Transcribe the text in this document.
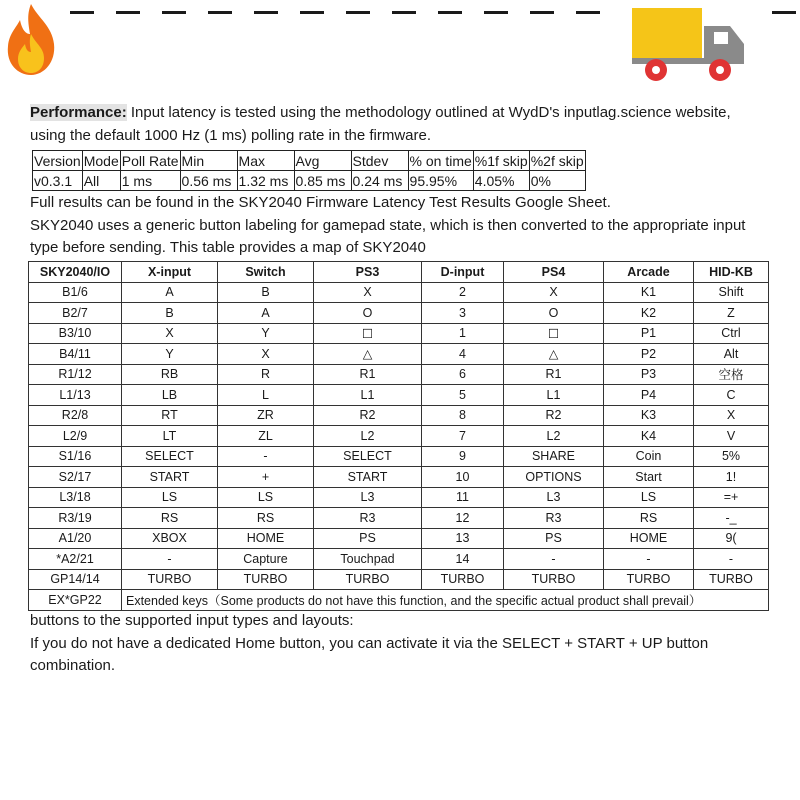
Performance: Input latency is tested using the methodology outlined at WydD's inputlag.science website,
using the default 1000 Hz (1 ms) polling rate in the firmware.
Version	Mode	Poll Rate	Min	Max	Avg	Stdev	% on time	%1f skip	%2f skip
v0.3.1	All	1 ms	0.56 ms	1.32 ms	0.85 ms	0.24 ms	95.95%	4.05%	0%
Full results can be found in the SKY2040 Firmware Latency Test Results Google Sheet.
SKY2040 uses a generic button labeling for gamepad state, which is then converted to the appropriate input
type before sending. This table provides a map of SKY2040
SKY2040/IO	X-input	Switch	PS3	D-input	PS4	Arcade	HID-KB
B1/6	A	B	X	2	X	K1	Shift
B2/7	B	A	O	3	O	K2	Z
B3/10	X	Y	☐	1	☐	P1	Ctrl
B4/11	Y	X	△	4	△	P2	Alt
R1/12	RB	R	R1	6	R1	P3	空格
L1/13	LB	L	L1	5	L1	P4	C
R2/8	RT	ZR	R2	8	R2	K3	X
L2/9	LT	ZL	L2	7	L2	K4	V
S1/16	SELECT	-	SELECT	9	SHARE	Coin	5%
S2/17	START	+	START	10	OPTIONS	Start	1!
L3/18	LS	LS	L3	11	L3	LS	=+
R3/19	RS	RS	R3	12	R3	RS	-_
A1/20	XBOX	HOME	PS	13	PS	HOME	9(
*A2/21	-	Capture	Touchpad	14	-	-	-
GP14/14	TURBO	TURBO	TURBO	TURBO	TURBO	TURBO	TURBO
EX*GP22	Extended keys（Some products do not have this function, and the specific actual product shall prevail）						
buttons to the supported input types and layouts:
If you do not have a dedicated Home button, you can activate it via the SELECT + START + UP button
combination.
